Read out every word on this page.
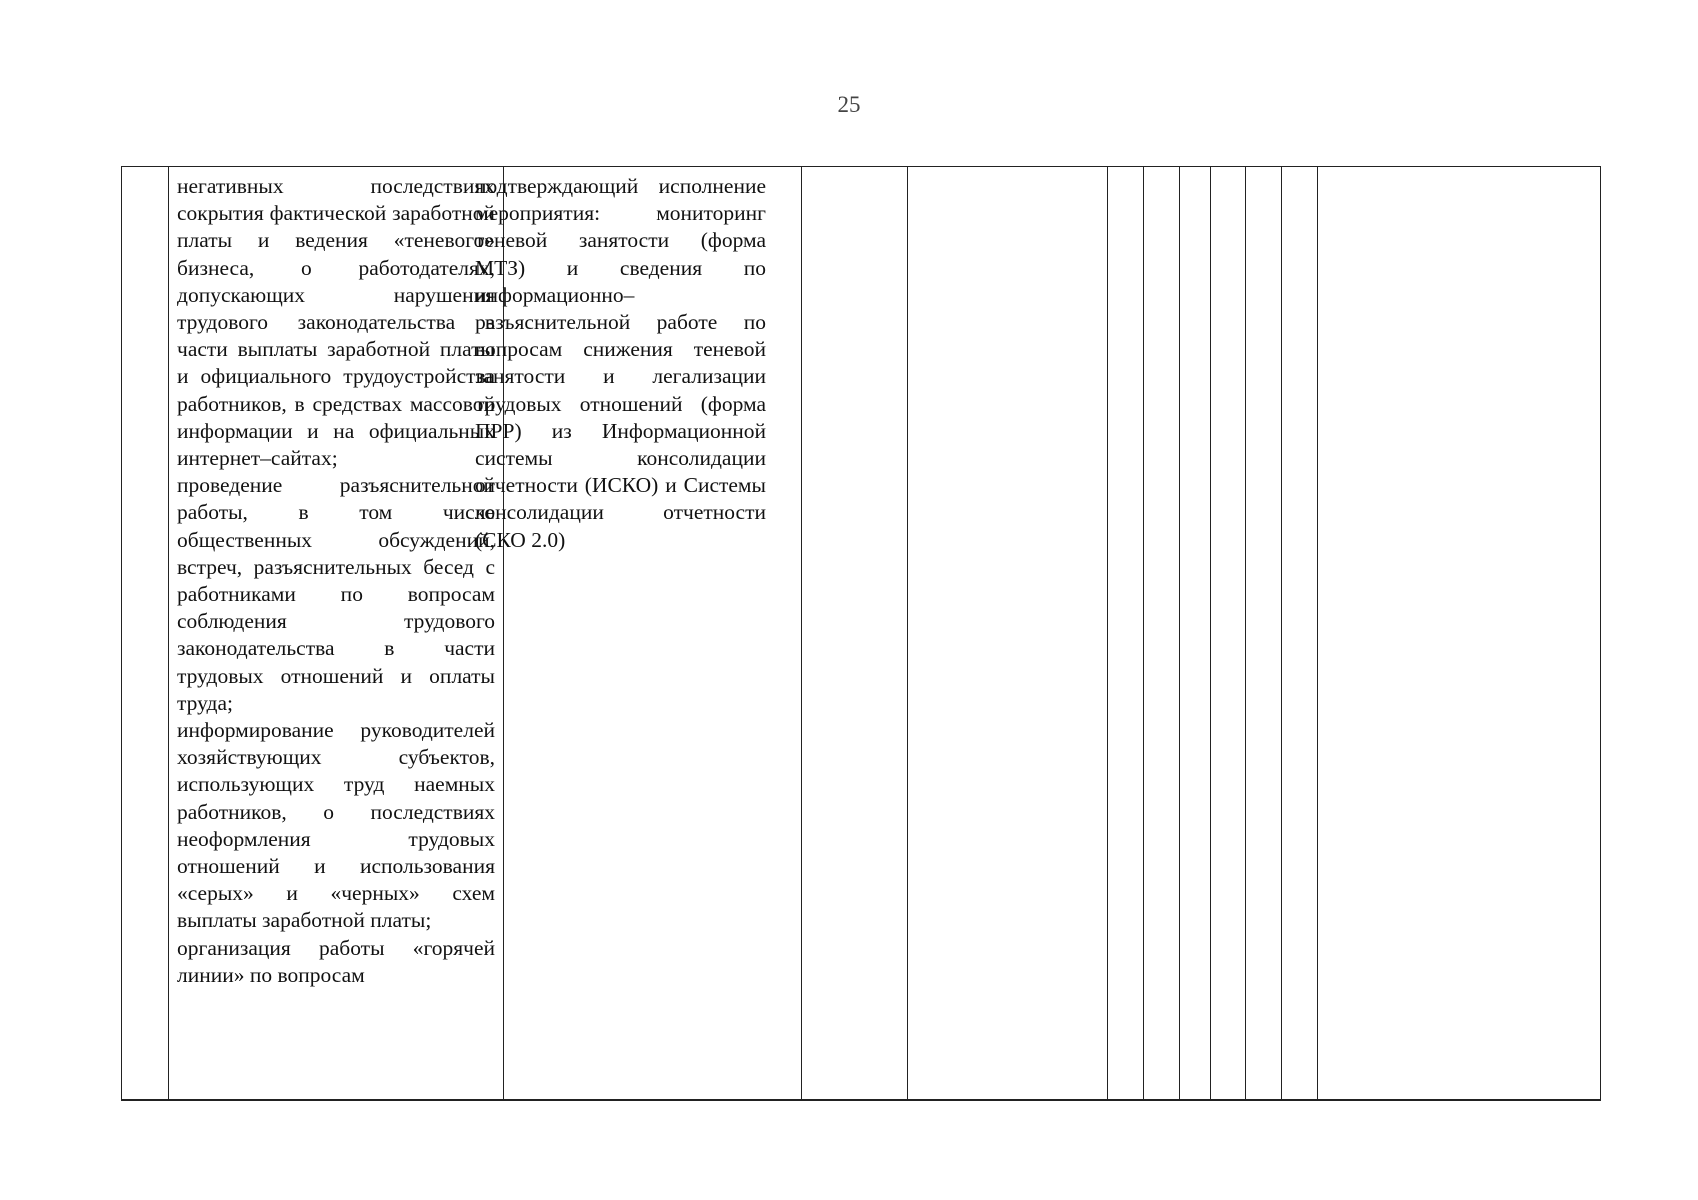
25

негативных последствиях сокрытия фактической заработной платы и ведения «теневого» бизнеса, о работодателях, допускающих нарушения трудового законодательства в части выплаты заработной платы и официального трудоустройства работников, в средствах массовой информации и на официальных интернет–сайтах;

проведение разъяснительной работы, в том числе общественных обсуждений, встреч, разъяснительных бесед с работниками по вопросам соблюдения трудового законодательства в части трудовых отношений и оплаты труда;

информирование руководителей хозяйствующих субъектов, использующих труд наемных работников, о последствиях неоформления трудовых отношений и использования «серых» и «черных» схем выплаты заработной платы;

организация работы «горячей линии» по вопросам

подтверждающий исполнение мероприятия: мониторинг теневой занятости (форма МТЗ) и сведения по информационно–разъяснительной работе по вопросам снижения теневой занятости и легализации трудовых отношений (форма ПРР) из Информационной системы консолидации отчетности (ИСКО) и Системы консолидации отчетности (СКО 2.0)
